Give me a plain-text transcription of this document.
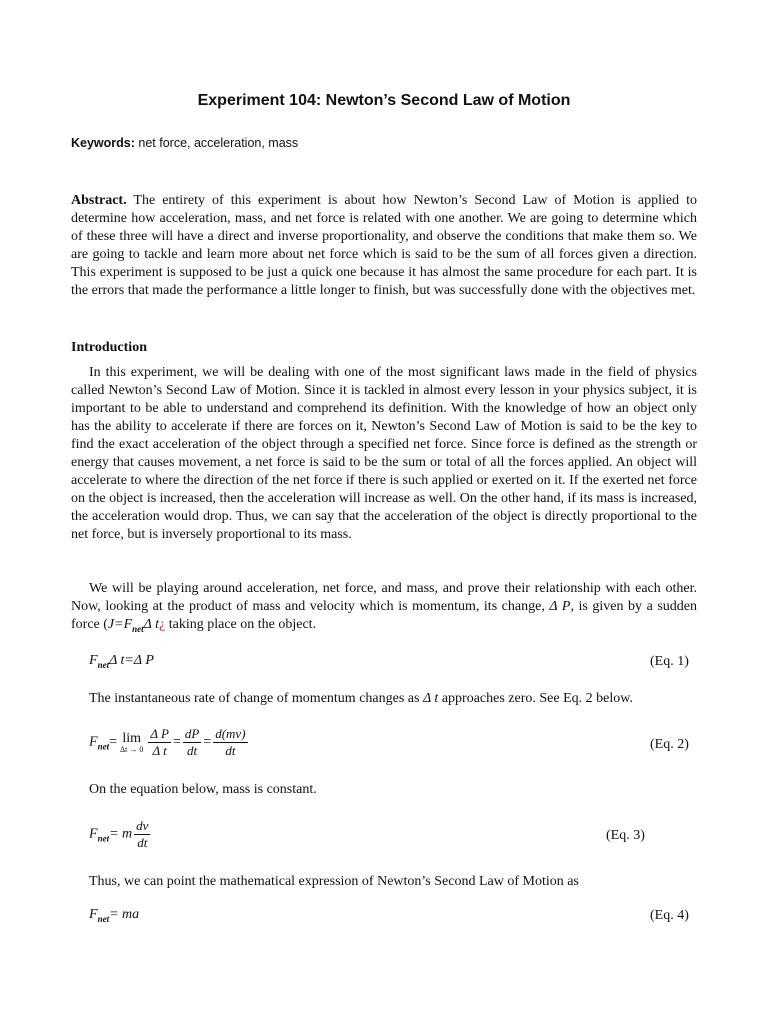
Experiment 104: Newton’s Second Law of Motion
Keywords: net force, acceleration, mass
Abstract. The entirety of this experiment is about how Newton’s Second Law of Motion is applied to determine how acceleration, mass, and net force is related with one another. We are going to determine which of these three will have a direct and inverse proportionality, and observe the conditions that make them so. We are going to tackle and learn more about net force which is said to be the sum of all forces given a direction. This experiment is supposed to be just a quick one because it has almost the same procedure for each part. It is the errors that made the performance a little longer to finish, but was successfully done with the objectives met.
Introduction
In this experiment, we will be dealing with one of the most significant laws made in the field of physics called Newton’s Second Law of Motion. Since it is tackled in almost every lesson in your physics subject, it is important to be able to understand and comprehend its definition. With the knowledge of how an object only has the ability to accelerate if there are forces on it, Newton’s Second Law of Motion is said to be the key to find the exact acceleration of the object through a specified net force. Since force is defined as the strength or energy that causes movement, a net force is said to be the sum or total of all the forces applied. An object will accelerate to where the direction of the net force if there is such applied or exerted on it. If the exerted net force on the object is increased, then the acceleration will increase as well. On the other hand, if its mass is increased, the acceleration would drop. Thus, we can say that the acceleration of the object is directly proportional to the net force, but is inversely proportional to its mass.
We will be playing around acceleration, net force, and mass, and prove their relationship with each other. Now, looking at the product of mass and velocity which is momentum, its change, Δ P, is given by a sudden force ($J=F_{net}\Delta$ t¿ taking place on the object.
$F_{net}\Delta$ t=Δ P	(Eq. 1)
The instantaneous rate of change of momentum changes as Δ t approaches zero. See Eq. 2 below.
$F_{net}= \lim$
$\Delta t \to 0 \frac{\text{Δ P}}{\text{Δ t}} = \frac{dP}{dt} = \frac{d(mv)}{dt}$	(Eq. 2)
On the equation below, mass is constant.
$F_{net}= m \frac{dv}{dt}$	(Eq. 3)
Thus, we can point the mathematical expression of Newton’s Second Law of Motion as
$F_{net}=$ ma	(Eq. 4)
